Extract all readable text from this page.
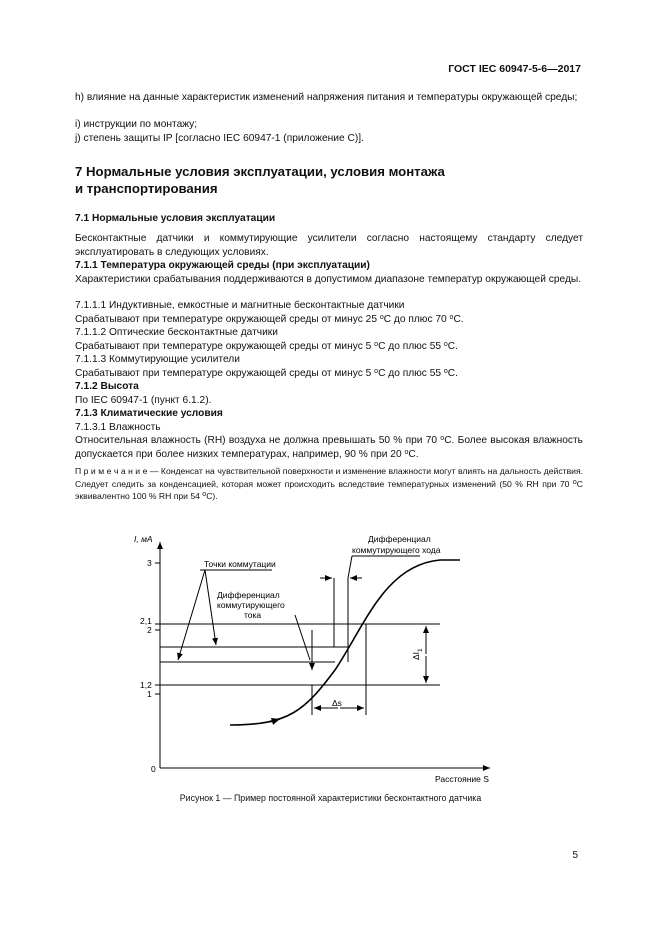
ГОСТ IEC 60947-5-6—2017
h) влияние на данные характеристик изменений напряжения питания и температуры окружающей среды;
i) инструкции по монтажу;
j) степень защиты IP [согласно IEC 60947-1 (приложение С)].
7 Нормальные условия эксплуатации, условия монтажа
и транспортирования
7.1 Нормальные условия эксплуатации
Бесконтактные датчики и коммутирующие усилители согласно настоящему стандарту следует эксплуатировать в следующих условиях.
7.1.1 Температура окружающей среды (при эксплуатации)
Характеристики срабатывания поддерживаются в допустимом диапазоне температур окружающей среды.
7.1.1.1 Индуктивные, емкостные и магнитные бесконтактные датчики
Срабатывают при температуре окружающей среды от минус 25 $^о$С до плюс 70 $^о$С.
7.1.1.2 Оптические бесконтактные датчики
Срабатывают при температуре окружающей среды от минус 5 $^о$С до плюс 55 $^о$С.
7.1.1.3 Коммутирующие усилители
Срабатывают при температуре окружающей среды от минус 5 $^о$С до плюс 55 $^о$С.
7.1.2 Высота
По IEC 60947-1 (пункт 6.1.2).
7.1.3 Климатические условия
7.1.3.1 Влажность
Относительная влажность (RH) воздуха не должна превышать 50 % при 70 $^о$С. Более высокая влажность допускается при более низких температурах, например, 90 % при 20 $^о$С.
П р и м е ч а н и е — Конденсат на чувствительной поверхности и изменение влажности могут влиять на дальность действия. Следует следить за конденсацией, которая может происходить вследствие температурных изменений (50 % RH при 70 $^о$С эквивалентно 100 % RH при 54 $^о$С).
I, мА
0
3
2,1
2
1,2
1
Расстояние S
Точки коммутации
Дифференциал
коммутирующего
тока
Дифференциал
коммутирующего хода
Δs
$\Delta I_1$
Рисунок 1 — Пример постоянной характеристики бесконтактного датчика
5
